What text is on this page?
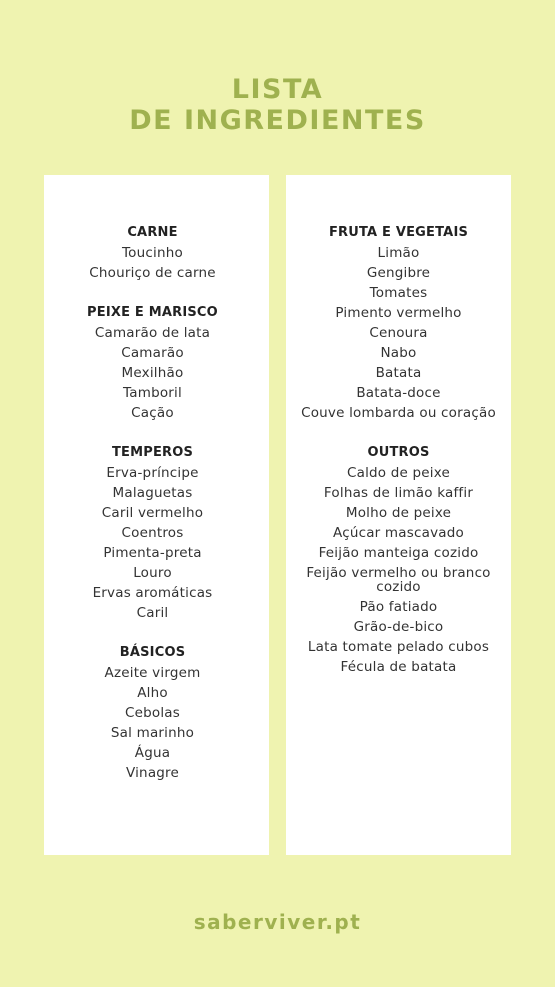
LISTA
DE INGREDIENTES
CARNE
Toucinho
Chouriço de carne
PEIXE E MARISCO
Camarão de lata
Camarão
Mexilhão
Tamboril
Cação
TEMPEROS
Erva-príncipe
Malaguetas
Caril vermelho
Coentros
Pimenta-preta
Louro
Ervas aromáticas
Caril
BÁSICOS
Azeite virgem
Alho
Cebolas
Sal marinho
Água
Vinagre
FRUTA E VEGETAIS
Limão
Gengibre
Tomates
Pimento vermelho
Cenoura
Nabo
Batata
Batata-doce
Couve lombarda ou coração
OUTROS
Caldo de peixe
Folhas de limão kaffir
Molho de peixe
Açúcar mascavado
Feijão manteiga cozido
Feijão vermelho ou branco cozido
Pão fatiado
Grão-de-bico
Lata tomate pelado cubos
Fécula de batata
saberviver.pt
